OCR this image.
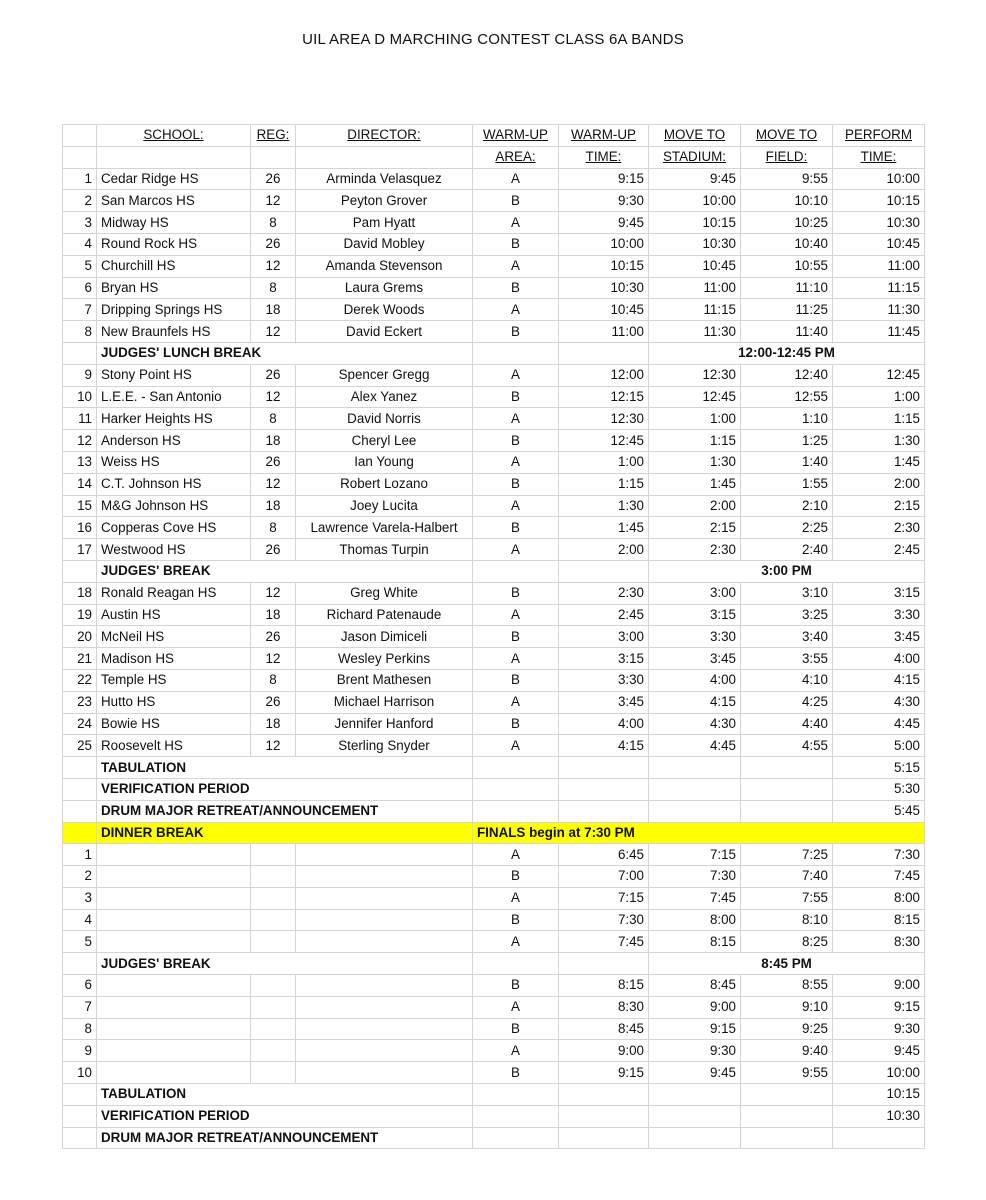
UIL AREA D MARCHING CONTEST CLASS 6A BANDS
	SCHOOL:	REG:	DIRECTOR:	WARM-UP	WARM-UP	MOVE TO	MOVE TO	PERFORM
				AREA:	TIME:	STADIUM:	FIELD:	TIME:
1	Cedar Ridge HS	26	Arminda Velasquez	A	9:15	9:45	9:55	10:00
2	San Marcos HS	12	Peyton Grover	B	9:30	10:00	10:10	10:15
3	Midway HS	8	Pam Hyatt	A	9:45	10:15	10:25	10:30
4	Round Rock HS	26	David Mobley	B	10:00	10:30	10:40	10:45
5	Churchill HS	12	Amanda Stevenson	A	10:15	10:45	10:55	11:00
6	Bryan HS	8	Laura Grems	B	10:30	11:00	11:10	11:15
7	Dripping Springs HS	18	Derek Woods	A	10:45	11:15	11:25	11:30
8	New Braunfels HS	12	David Eckert	B	11:00	11:30	11:40	11:45
	JUDGES' LUNCH BREAK					12:00-12:45 PM		
9	Stony Point HS	26	Spencer Gregg	A	12:00	12:30	12:40	12:45
10	L.E.E. - San Antonio	12	Alex Yanez	B	12:15	12:45	12:55	1:00
11	Harker Heights HS	8	David Norris	A	12:30	1:00	1:10	1:15
12	Anderson HS	18	Cheryl Lee	B	12:45	1:15	1:25	1:30
13	Weiss HS	26	Ian Young	A	1:00	1:30	1:40	1:45
14	C.T. Johnson HS	12	Robert Lozano	B	1:15	1:45	1:55	2:00
15	M&G Johnson HS	18	Joey Lucita	A	1:30	2:00	2:10	2:15
16	Copperas Cove HS	8	Lawrence Varela-Halbert	B	1:45	2:15	2:25	2:30
17	Westwood HS	26	Thomas Turpin	A	2:00	2:30	2:40	2:45
	JUDGES' BREAK					3:00 PM		
18	Ronald Reagan HS	12	Greg White	B	2:30	3:00	3:10	3:15
19	Austin HS	18	Richard Patenaude	A	2:45	3:15	3:25	3:30
20	McNeil HS	26	Jason Dimiceli	B	3:00	3:30	3:40	3:45
21	Madison HS	12	Wesley Perkins	A	3:15	3:45	3:55	4:00
22	Temple HS	8	Brent Mathesen	B	3:30	4:00	4:10	4:15
23	Hutto HS	26	Michael Harrison	A	3:45	4:15	4:25	4:30
24	Bowie HS	18	Jennifer Hanford	B	4:00	4:30	4:40	4:45
25	Roosevelt HS	12	Sterling Snyder	A	4:15	4:45	4:55	5:00
	TABULATION							5:15
	VERIFICATION PERIOD							5:30
	DRUM MAJOR RETREAT/ANNOUNCEMENT							5:45
	DINNER BREAK			FINALS begin at 7:30 PM				
1				A	6:45	7:15	7:25	7:30
2				B	7:00	7:30	7:40	7:45
3				A	7:15	7:45	7:55	8:00
4				B	7:30	8:00	8:10	8:15
5				A	7:45	8:15	8:25	8:30
	JUDGES' BREAK					8:45 PM		
6				B	8:15	8:45	8:55	9:00
7				A	8:30	9:00	9:10	9:15
8				B	8:45	9:15	9:25	9:30
9				A	9:00	9:30	9:40	9:45
10				B	9:15	9:45	9:55	10:00
	TABULATION							10:15
	VERIFICATION PERIOD							10:30
	DRUM MAJOR RETREAT/ANNOUNCEMENT							
